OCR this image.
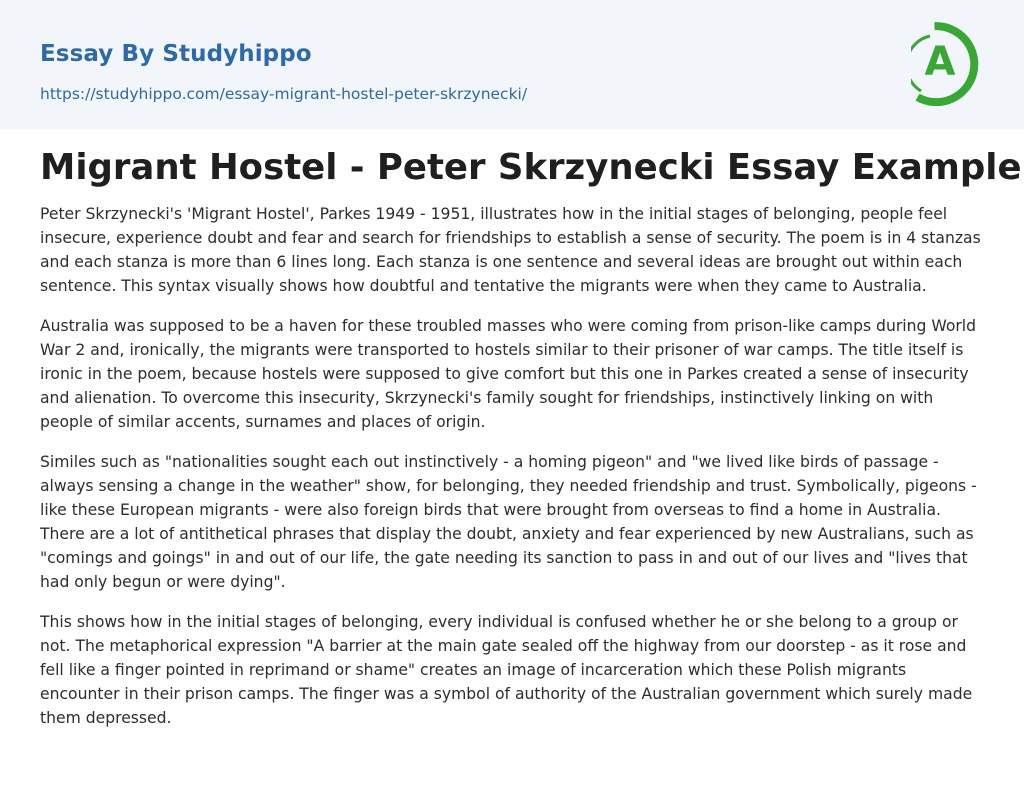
Essay By Studyhippo
https://studyhippo.com/essay-migrant-hostel-peter-skrzynecki/
A
Migrant Hostel - Peter Skrzynecki Essay Example

Peter Skrzynecki's 'Migrant Hostel', Parkes 1949 - 1951, illustrates how in the initial stages of belonging, people feel insecure, experience doubt and fear and search for friendships to establish a sense of security. The poem is in 4 stanzas and each stanza is more than 6 lines long. Each stanza is one sentence and several ideas are brought out within each sentence. This syntax visually shows how doubtful and tentative the migrants were when they came to Australia.

Australia was supposed to be a haven for these troubled masses who were coming from prison-like camps during World War 2 and, ironically, the migrants were transported to hostels similar to their prisoner of war camps. The title itself is ironic in the poem, because hostels were supposed to give comfort but this one in Parkes created a sense of insecurity and alienation. To overcome this insecurity, Skrzynecki's family sought for friendships, instinctively linking on with people of similar accents, surnames and places of origin.

Similes such as "nationalities sought each out instinctively - a homing pigeon" and "we lived like birds of passage - always sensing a change in the weather" show, for belonging, they needed friendship and trust. Symbolically, pigeons - like these European migrants - were also foreign birds that were brought from overseas to find a home in Australia. There are a lot of antithetical phrases that display the doubt, anxiety and fear experienced by new Australians, such as "comings and goings" in and out of our life, the gate needing its sanction to pass in and out of our lives and "lives that had only begun or were dying".

This shows how in the initial stages of belonging, every individual is confused whether he or she belong to a group or not. The metaphorical expression "A barrier at the main gate sealed off the highway from our doorstep - as it rose and fell like a finger pointed in reprimand or shame" creates an image of incarceration which these Polish migrants encounter in their prison camps. The finger was a symbol of authority of the Australian government which surely made them depressed.
